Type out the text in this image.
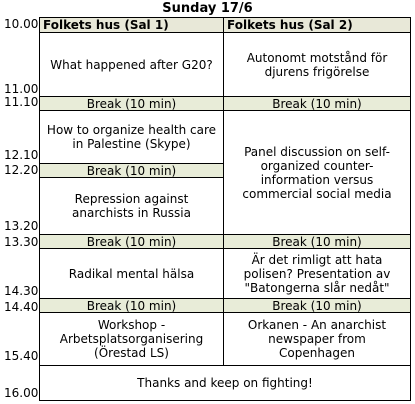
Sunday 17/6
10.00
11.00
11.10
12.10
12.20
13.20
13.30
14.30
14.40
15.40
16.00
Folkets hus (Sal 1)	Folkets hus (Sal 2)
What happened after G20?
Break (10 min)
How to organize health care in Palestine (Skype)
Break (10 min)
Repression against anarchists in Russia
Break (10 min)
Radikal mental hälsa
Break (10 min)
Workshop - Arbetsplatsorganisering (Örestad LS)
Autonomt motstånd för djurens frigörelse
Break (10 min)
Panel discussion on self-organized counter-information versus commercial social media
Break (10 min)
Är det rimligt att hata polisen? Presentation av "Batongerna slår nedåt"
Break (10 min)
Orkanen - An anarchist newspaper from Copenhagen
Thanks and keep on fighting!
